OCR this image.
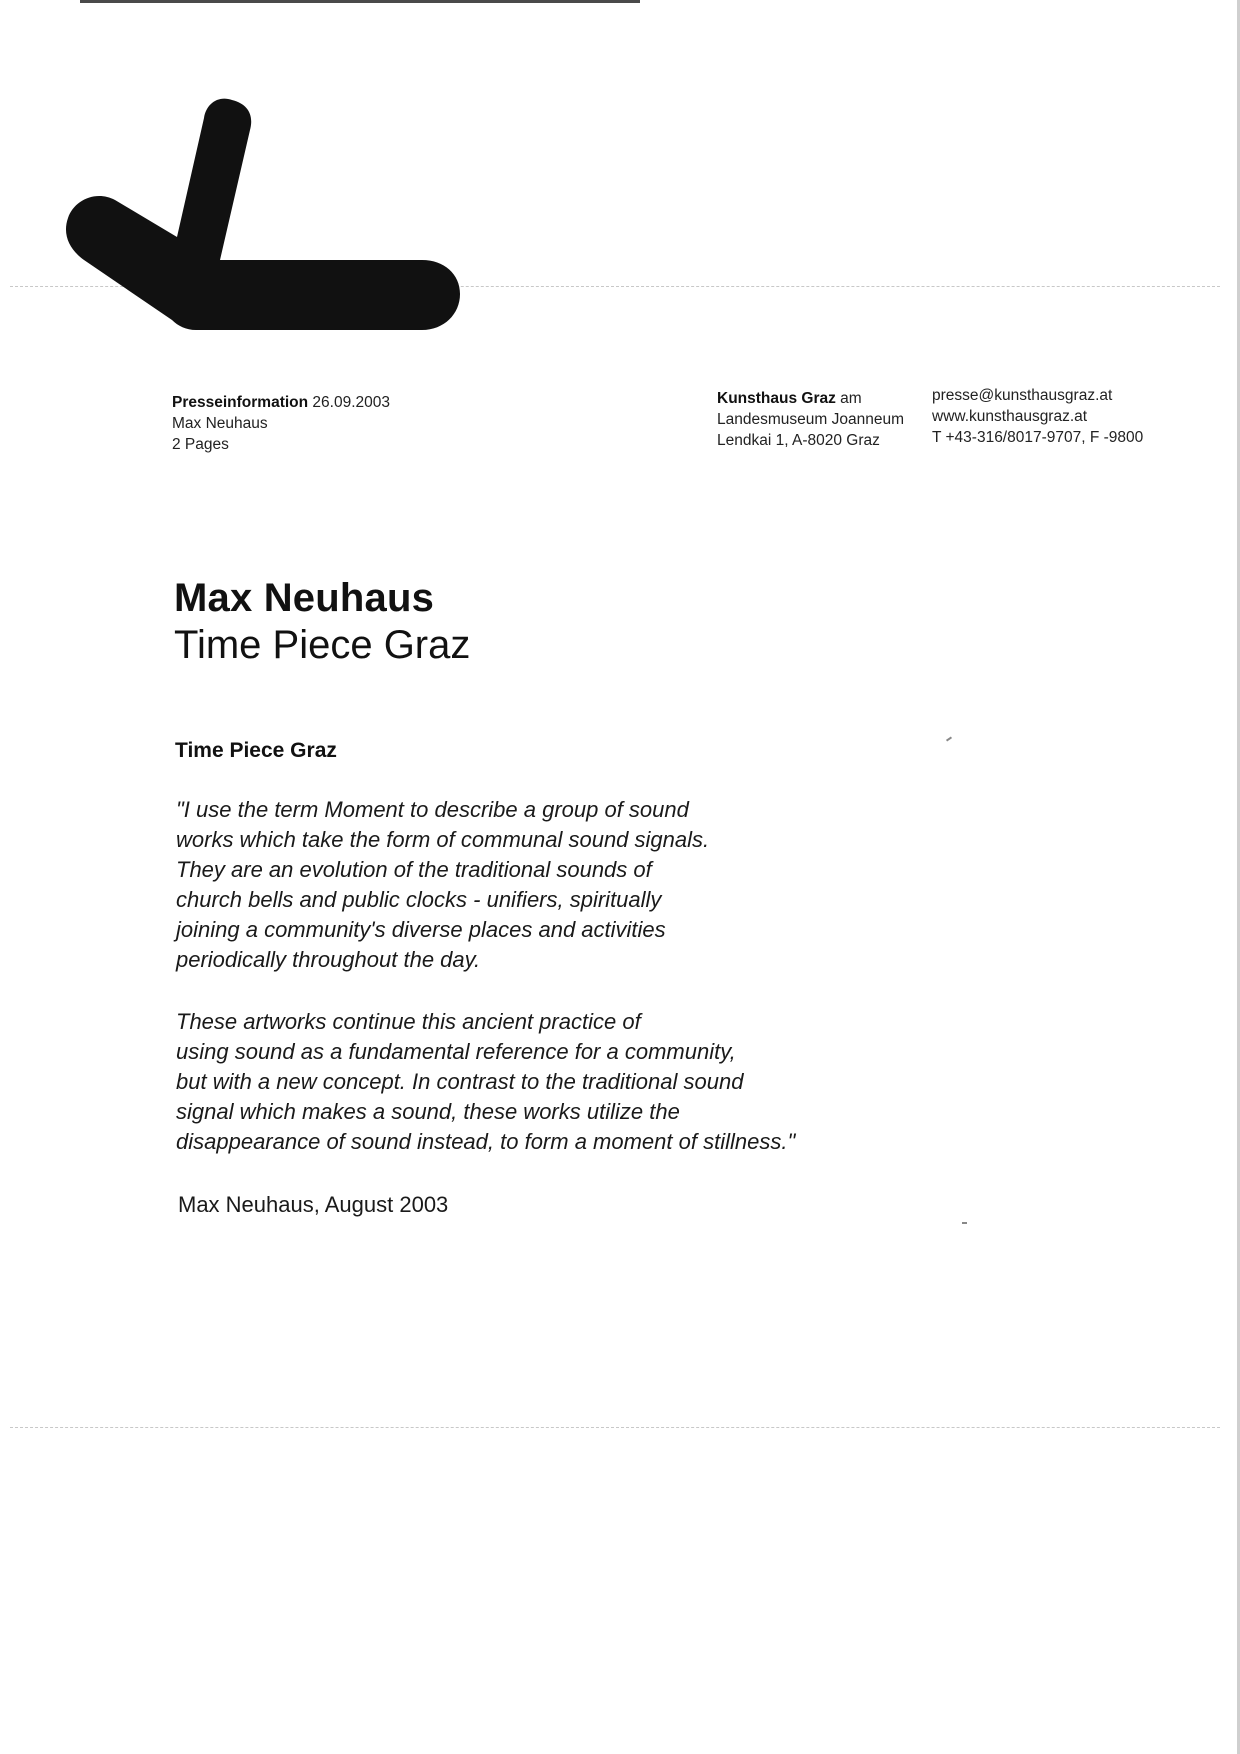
Presseinformation 26.09.2003
Max Neuhaus
2 Pages
Kunsthaus Graz am
Landesmuseum Joanneum
Lendkai 1, A-8020 Graz
presse@kunsthausgraz.at
www.kunsthausgraz.at
T +43-316/8017-9707, F -9800
Max Neuhaus
Time Piece Graz
Time Piece Graz
"I use the term Moment to describe a group of sound
works which take the form of communal sound signals.
They are an evolution of the traditional sounds of
church bells and public clocks - unifiers, spiritually
joining a community's diverse places and activities
periodically throughout the day.
These artworks continue this ancient practice of
using sound as a fundamental reference for a community,
but with a new concept. In contrast to the traditional sound
signal which makes a sound, these works utilize the
disappearance of sound instead, to form a moment of stillness."
Max Neuhaus, August 2003
